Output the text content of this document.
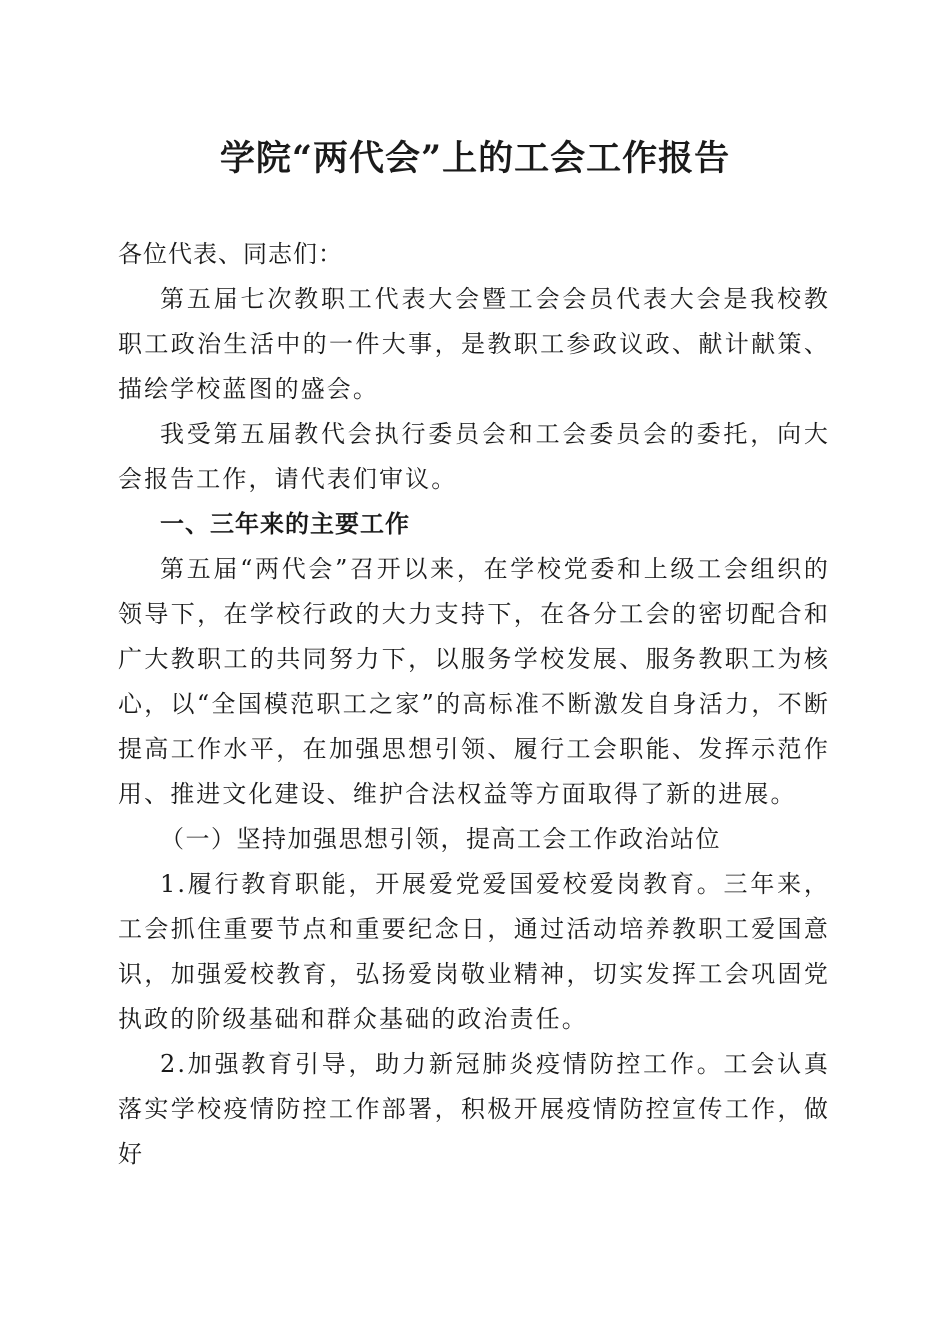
学院“两代会”上的工会工作报告

各位代表、同志们：

第五届七次教职工代表大会暨工会会员代表大会是我校教职工政治生活中的一件大事，是教职工参政议政、献计献策、描绘学校蓝图的盛会。

我受第五届教代会执行委员会和工会委员会的委托，向大会报告工作，请代表们审议。

一、三年来的主要工作

第五届“两代会”召开以来，在学校党委和上级工会组织的领导下，在学校行政的大力支持下，在各分工会的密切配合和广大教职工的共同努力下，以服务学校发展、服务教职工为核心，以“全国模范职工之家”的高标准不断激发自身活力，不断提高工作水平，在加强思想引领、履行工会职能、发挥示范作用、推进文化建设、维护合法权益等方面取得了新的进展。

（一）坚持加强思想引领，提高工会工作政治站位

1.履行教育职能，开展爱党爱国爱校爱岗教育。三年来，工会抓住重要节点和重要纪念日，通过活动培养教职工爱国意识，加强爱校教育，弘扬爱岗敬业精神，切实发挥工会巩固党执政的阶级基础和群众基础的政治责任。

2.加强教育引导，助力新冠肺炎疫情防控工作。工会认真落实学校疫情防控工作部署，积极开展疫情防控宣传工作，做好
